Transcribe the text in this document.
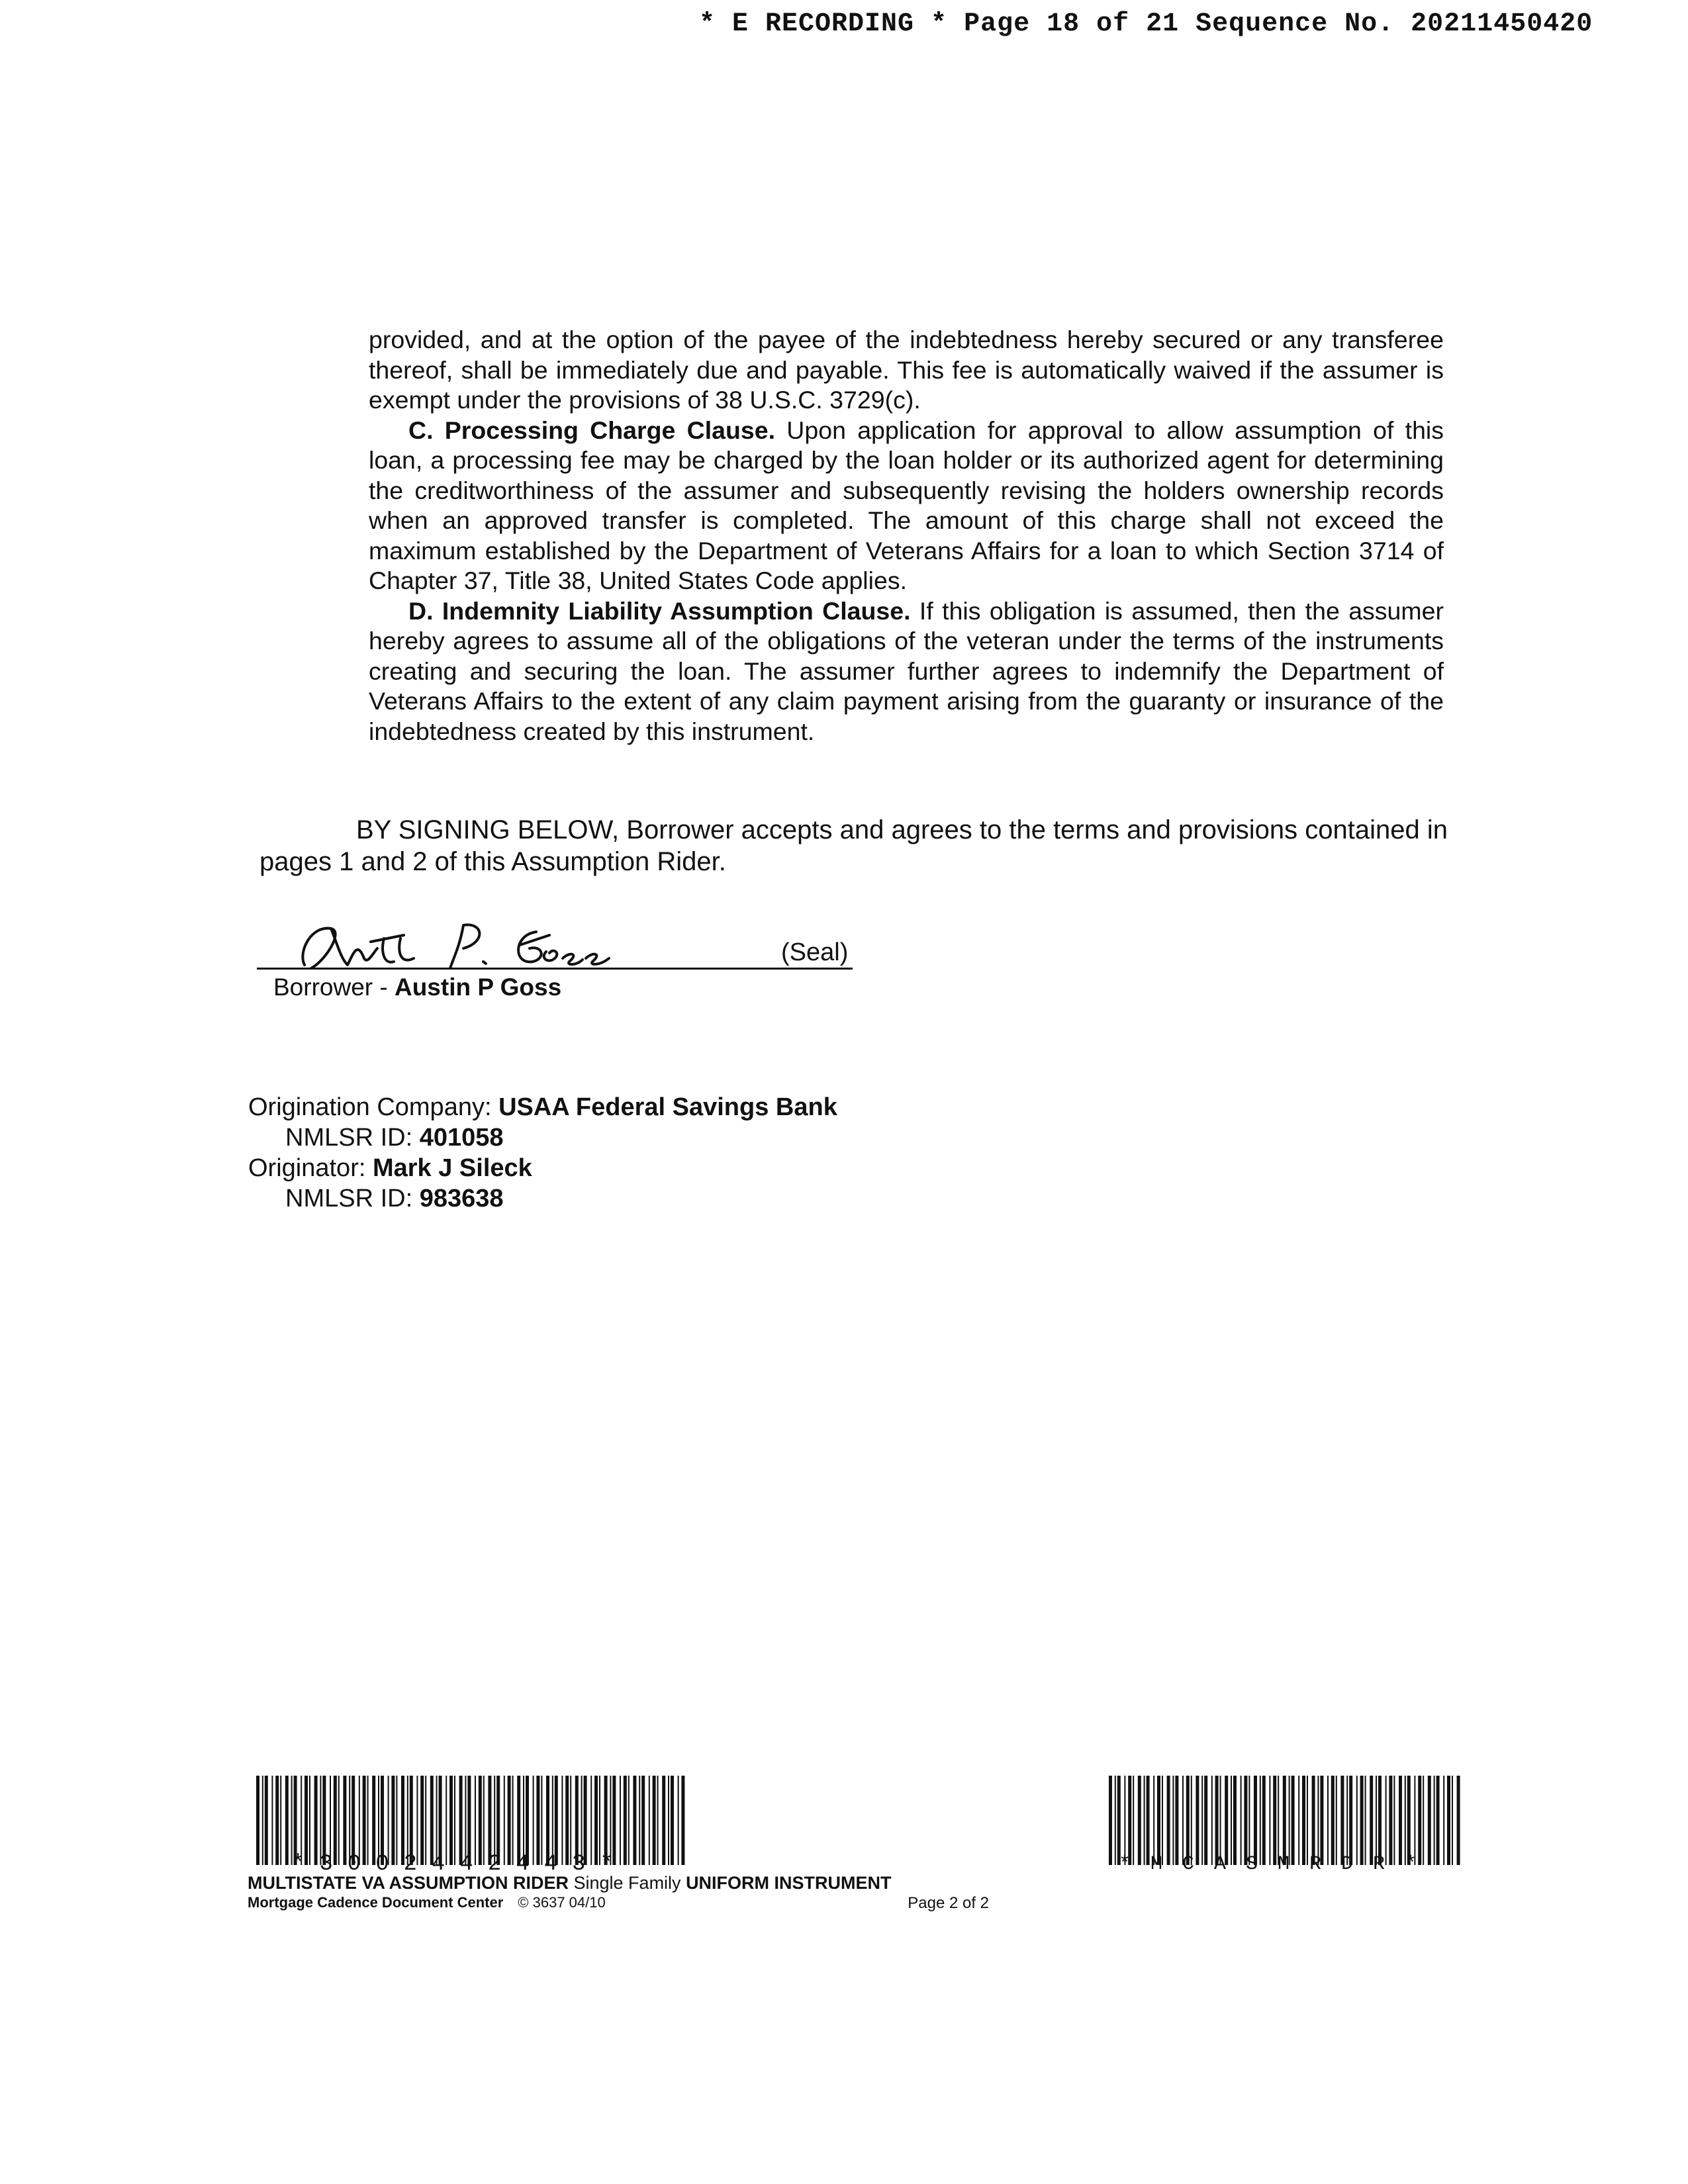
* E RECORDING * Page 18 of 21 Sequence No. 20211450420

provided, and at the option of the payee of the indebtedness hereby secured or any transferee thereof, shall be immediately due and payable. This fee is automatically waived if the assumer is exempt under the provisions of 38 U.S.C. 3729(c).

C. Processing Charge Clause. Upon application for approval to allow assumption of this loan, a processing fee may be charged by the loan holder or its authorized agent for determining the creditworthiness of the assumer and subsequently revising the holders ownership records when an approved transfer is completed. The amount of this charge shall not exceed the maximum established by the Department of Veterans Affairs for a loan to which Section 3714 of Chapter 37, Title 38, United States Code applies.

D. Indemnity Liability Assumption Clause. If this obligation is assumed, then the assumer hereby agrees to assume all of the obligations of the veteran under the terms of the instruments creating and securing the loan. The assumer further agrees to indemnify the Department of Veterans Affairs to the extent of any claim payment arising from the guaranty or insurance of the indebtedness created by this instrument.

BY SIGNING BELOW, Borrower accepts and agrees to the terms and provisions contained in
pages 1 and 2 of this Assumption Rider.
(Seal)
Borrower - Austin P Goss
Origination Company: USAA Federal Savings Bank
NMLSR ID: 401058
Originator: Mark J Sileck
NMLSR ID: 983638
*3002442443*	*MCASMRDR*
MULTISTATE VA ASSUMPTION RIDER Single Family UNIFORM INSTRUMENT
Mortgage Cadence Document Center © 3637 04/10	Page 2 of 2
